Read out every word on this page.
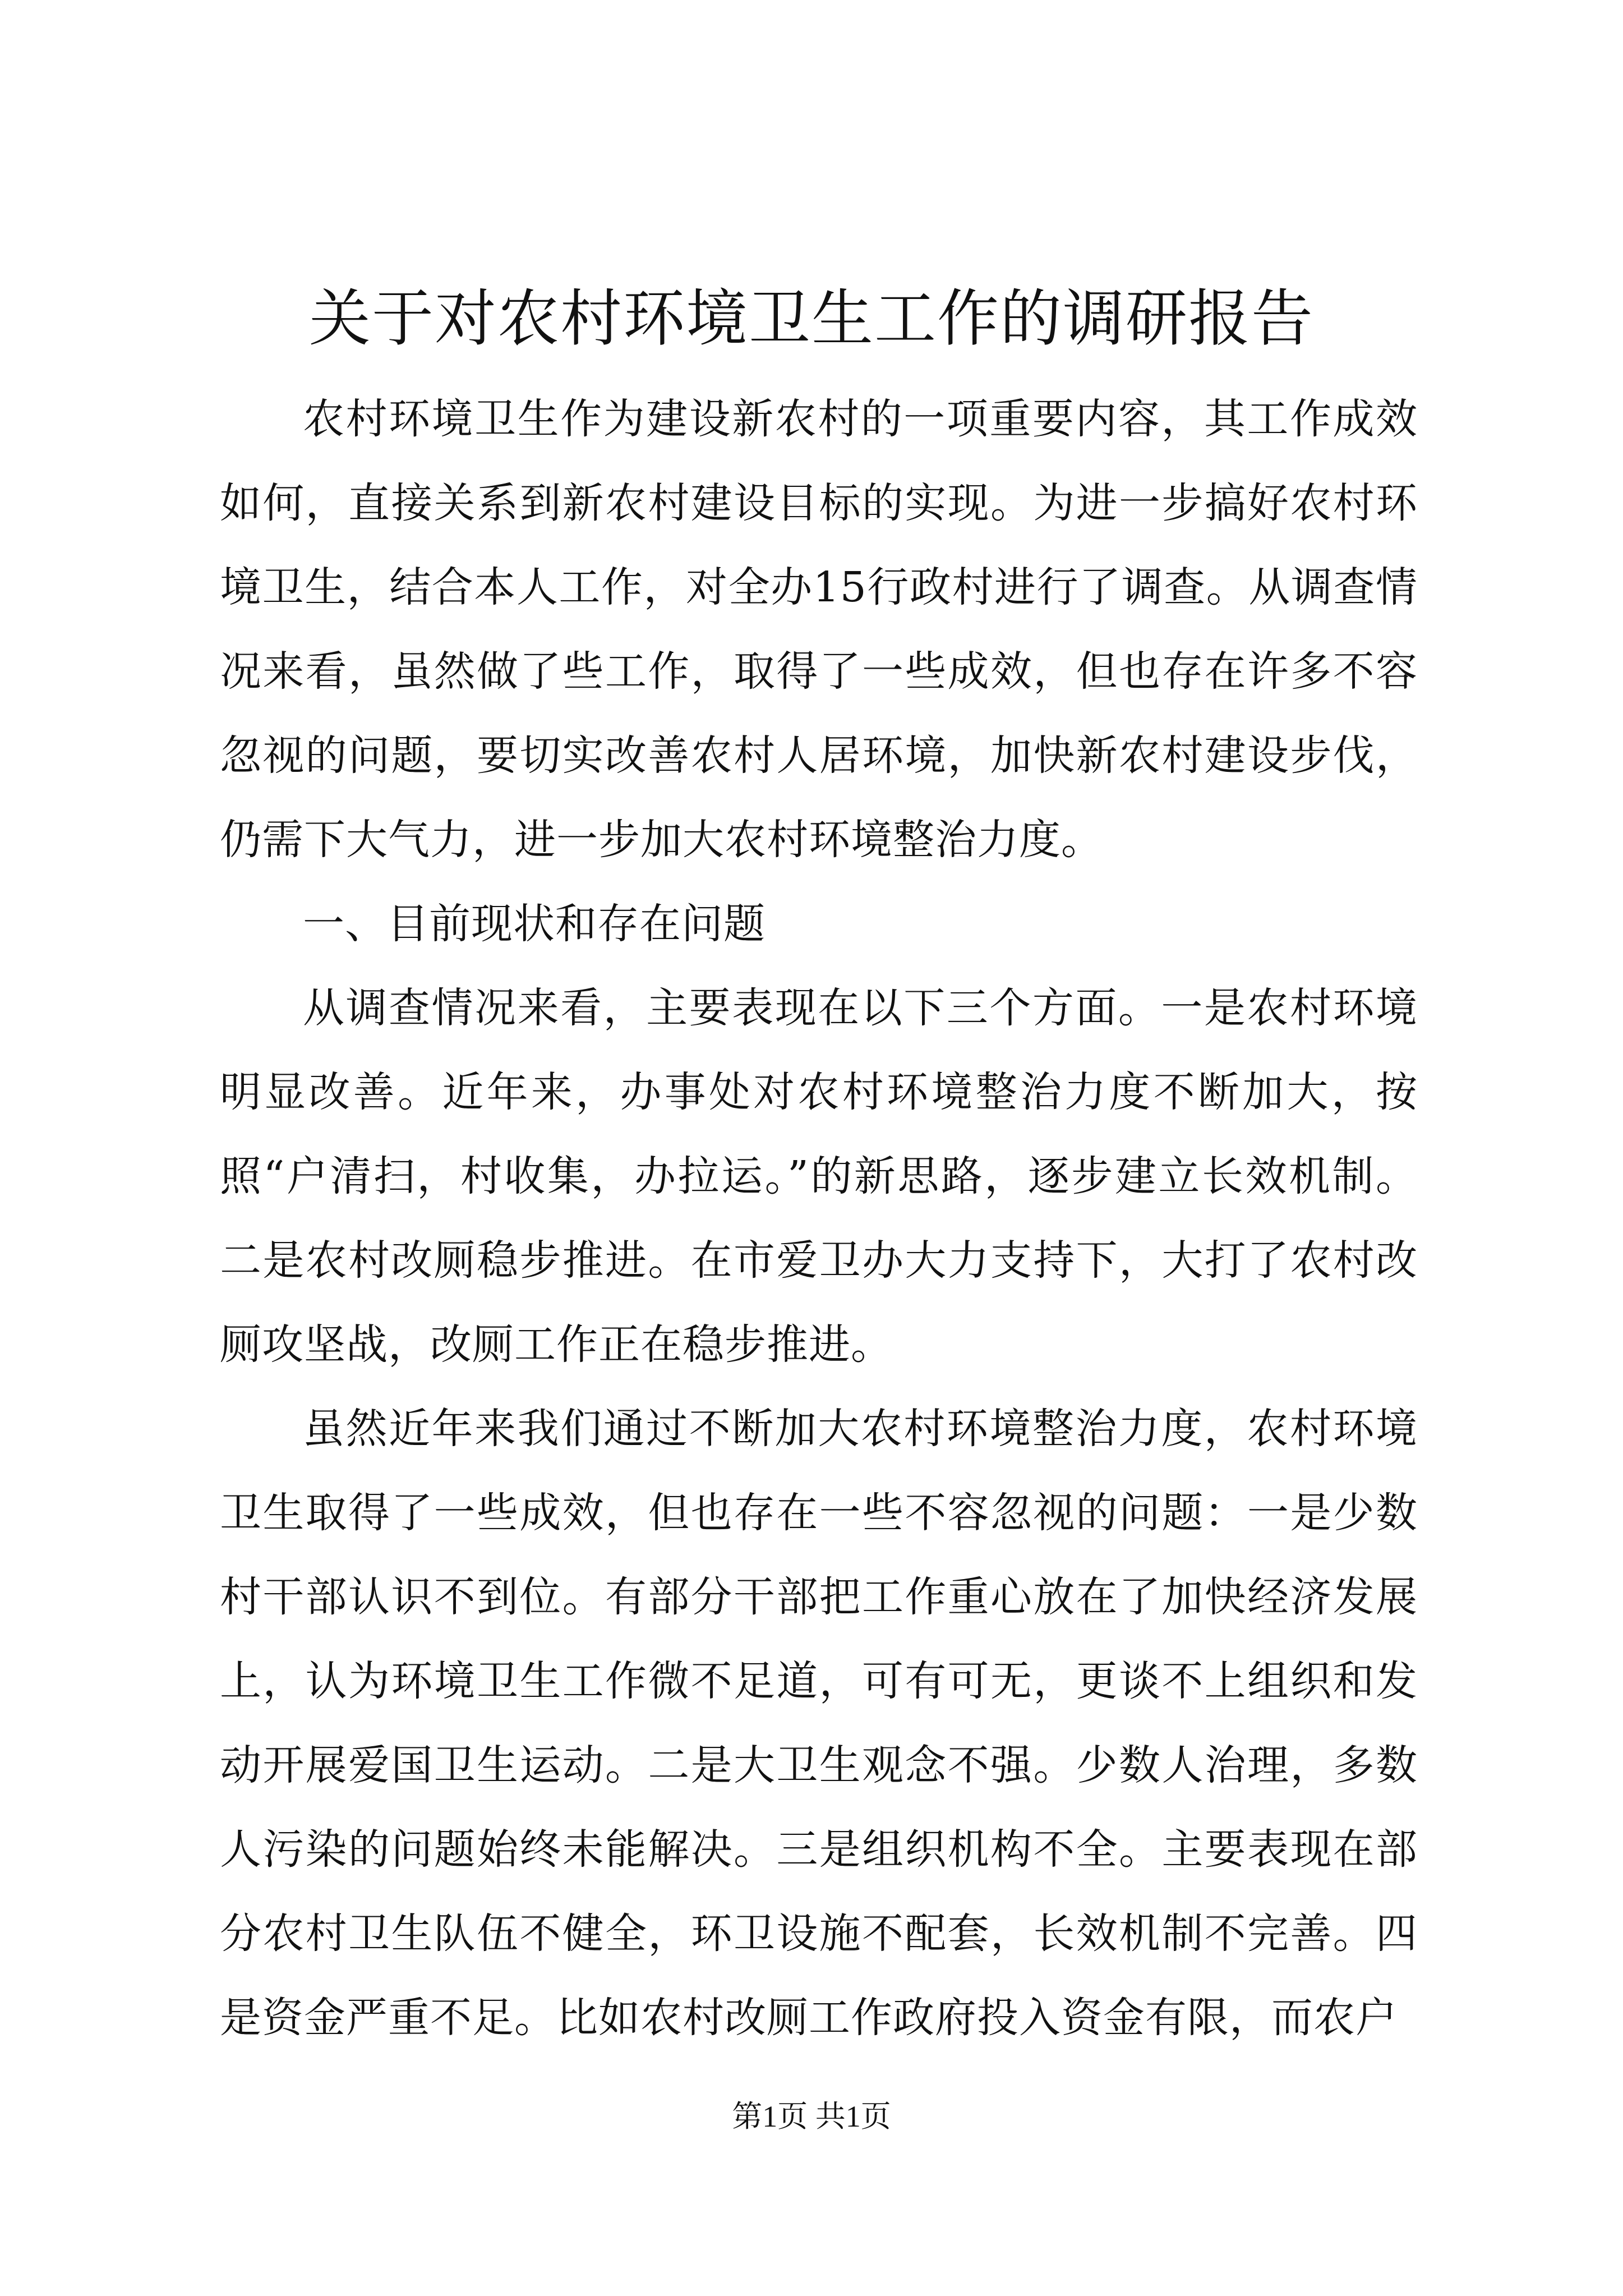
关于对农村环境卫生工作的调研报告

农村环境卫生作为建设新农村的一项重要内容，其工作成效如何，直接关系到新农村建设目标的实现。为进一步搞好农村环境卫生，结合本人工作，对全办15行政村进行了调查。从调查情况来看，虽然做了些工作，取得了一些成效，但也存在许多不容忽视的问题，要切实改善农村人居环境，加快新农村建设步伐，仍需下大气力，进一步加大农村环境整治力度。

一、目前现状和存在问题

从调查情况来看，主要表现在以下三个方面。一是农村环境明显改善。近年来，办事处对农村环境整治力度不断加大，按照“户清扫，村收集，办拉运。”的新思路，逐步建立长效机制。二是农村改厕稳步推进。在市爱卫办大力支持下，大打了农村改厕攻坚战，改厕工作正在稳步推进。

虽然近年来我们通过不断加大农村环境整治力度，农村环境卫生取得了一些成效，但也存在一些不容忽视的问题：一是少数村干部认识不到位。有部分干部把工作重心放在了加快经济发展上，认为环境卫生工作微不足道，可有可无，更谈不上组织和发动开展爱国卫生运动。二是大卫生观念不强。少数人治理，多数人污染的问题始终未能解决。三是组织机构不全。主要表现在部分农村卫生队伍不健全，环卫设施不配套，长效机制不完善。四是资金严重不足。比如农村改厕工作政府投入资金有限，而农户

第1页 共1页
